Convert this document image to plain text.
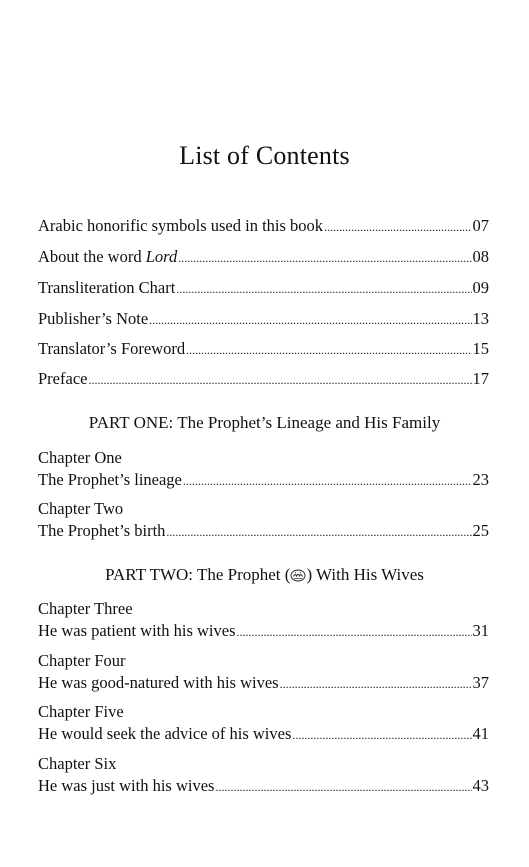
List of Contents
Arabic honorific symbols used in this book .....	07
About the word Lord .....	08
Transliteration Chart .....	09
Publisher’s Note .....	13
Translator’s Foreword .....	15
Preface .....	17
PART ONE: The Prophet’s Lineage and His Family
Chapter One
The Prophet’s lineage .....	23
Chapter Two
The Prophet’s birth .....	25
PART TWO: The Prophet ( ) With His Wives
Chapter Three
He was patient with his wives .....	31
Chapter Four
He was good-natured with his wives .....	37
Chapter Five
He would seek the advice of his wives .....	41
Chapter Six
He was just with his wives .....	43
